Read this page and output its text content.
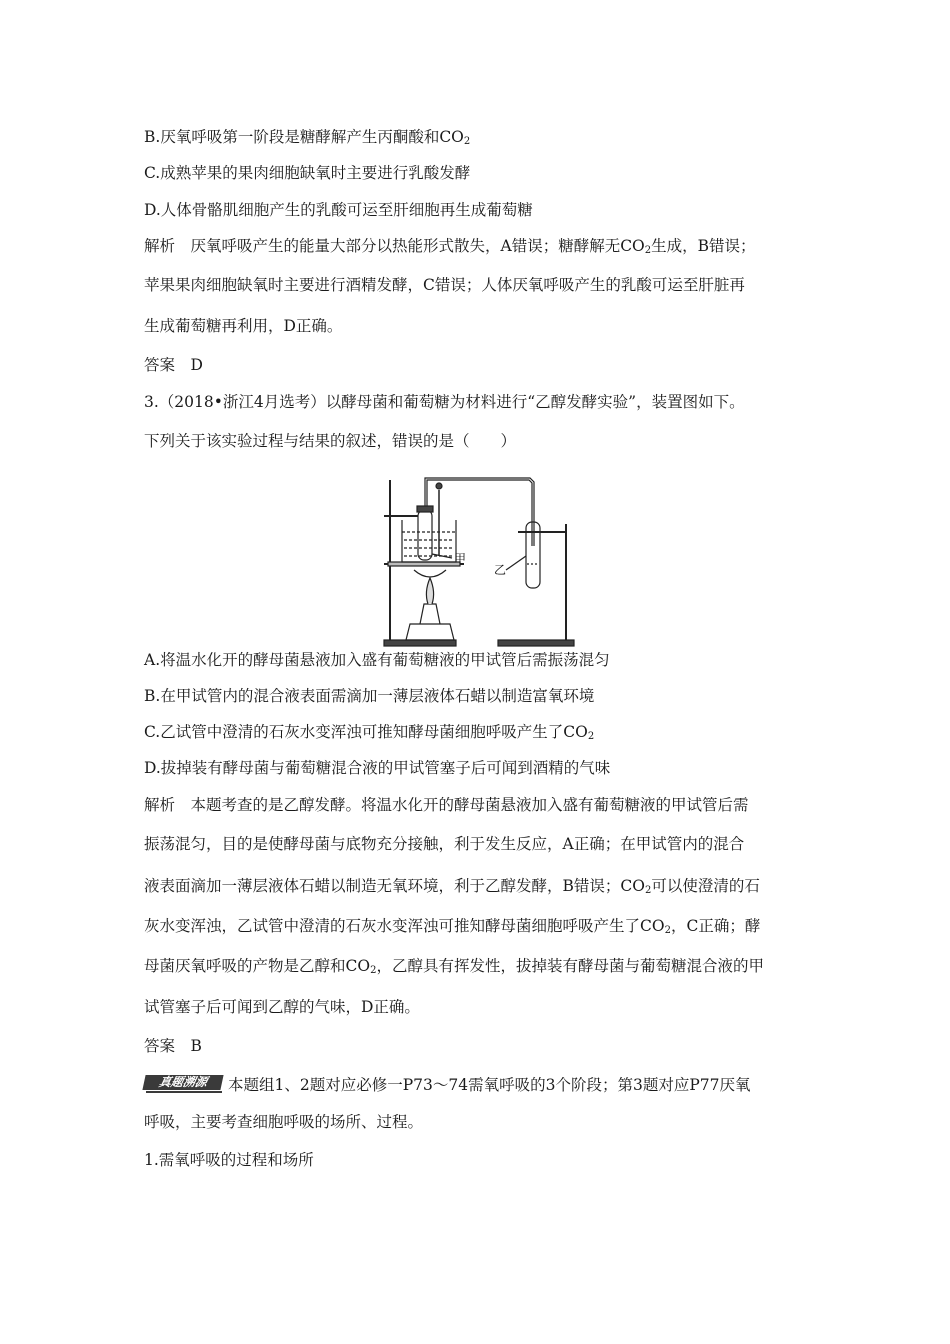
B.厌氧呼吸第一阶段是糖酵解产生丙酮酸和$CO_2$
C.成熟苹果的果肉细胞缺氧时主要进行乳酸发酵
D.人体骨骼肌细胞产生的乳酸可运至肝细胞再生成葡萄糖
解析　厌氧呼吸产生的能量大部分以热能形式散失，A错误；糖酵解无$CO_2$生成，B错误；
苹果果肉细胞缺氧时主要进行酒精发酵，C错误；人体厌氧呼吸产生的乳酸可运至肝脏再
生成葡萄糖再利用，D正确。
答案　D
3.（2018•浙江4月选考）以酵母菌和葡萄糖为材料进行“乙醇发酵实验”，装置图如下。
下列关于该实验过程与结果的叙述，错误的是（　　）
甲
乙
A.将温水化开的酵母菌悬液加入盛有葡萄糖液的甲试管后需振荡混匀
B.在甲试管内的混合液表面需滴加一薄层液体石蜡以制造富氧环境
C.乙试管中澄清的石灰水变浑浊可推知酵母菌细胞呼吸产生了$CO_2$
D.拔掉装有酵母菌与葡萄糖混合液的甲试管塞子后可闻到酒精的气味
解析　本题考查的是乙醇发酵。将温水化开的酵母菌悬液加入盛有葡萄糖液的甲试管后需
振荡混匀，目的是使酵母菌与底物充分接触，利于发生反应，A正确；在甲试管内的混合
液表面滴加一薄层液体石蜡以制造无氧环境，利于乙醇发酵，B错误；$CO_2$可以使澄清的石
灰水变浑浊，乙试管中澄清的石灰水变浑浊可推知酵母菌细胞呼吸产生了$CO_2$，C正确；酵
母菌厌氧呼吸的产物是乙醇和$CO_2$，乙醇具有挥发性，拔掉装有酵母菌与葡萄糖混合液的甲
试管塞子后可闻到乙醇的气味，D正确。
答案　B
真题溯源	本题组1、2题对应必修一P73～74需氧呼吸的3个阶段；第3题对应P77厌氧
呼吸，主要考查细胞呼吸的场所、过程。
1.需氧呼吸的过程和场所
